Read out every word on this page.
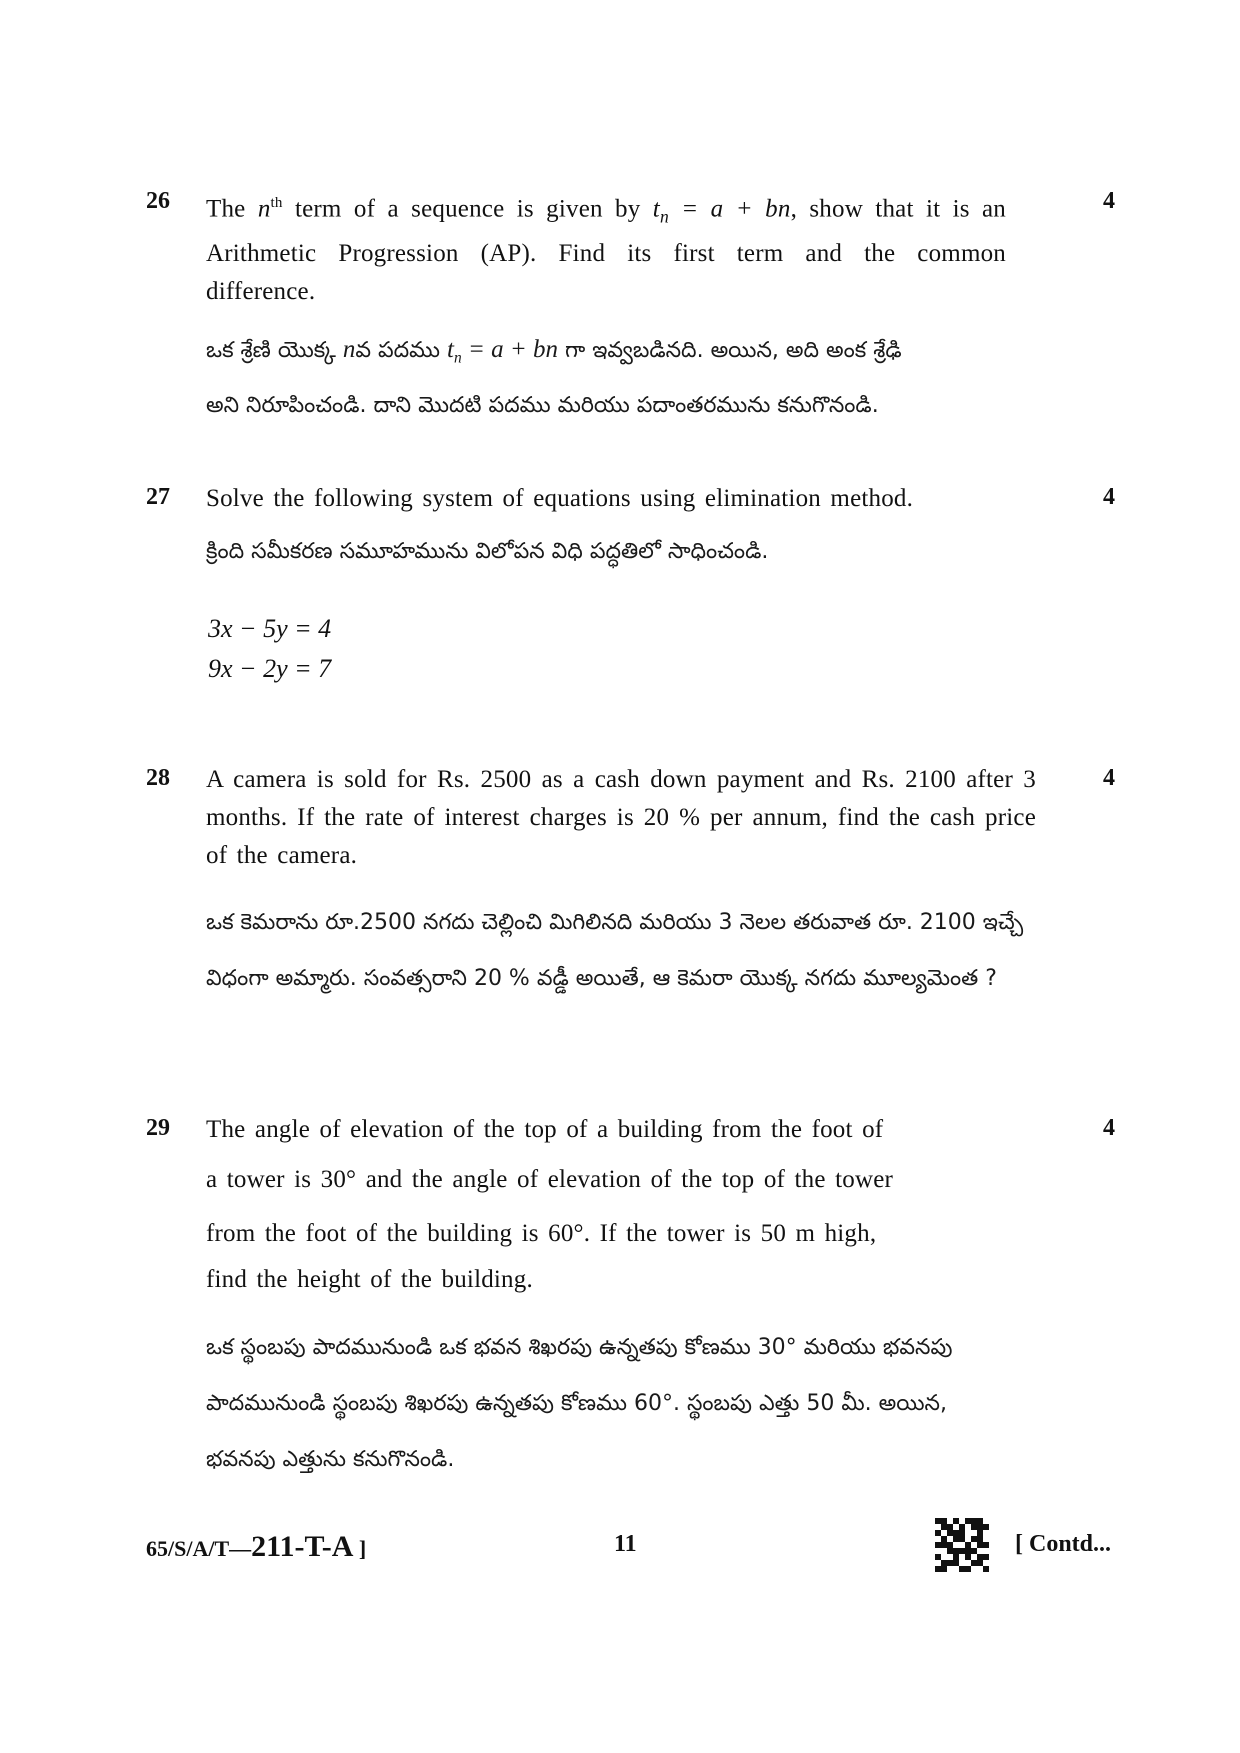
26	4
The $n^{th}$ term of a sequence is given by $t_n = a$ + bn, show that it is an Arithmetic Progression (AP). Find its first term and the common difference.
ఒక శ్రేణి యొక్క nవ పదము $t_n = a$ + bn గా ఇవ్వబడినది. అయిన, అది అంక శ్రేఢి
అని నిరూపించండి. దాని మొదటి పదము మరియు పదాంతరమును కనుగొనండి.
27	4
Solve the following system of equations using elimination method.
క్రింది సమీకరణ సమూహమును విలోపన విధి పద్ధతిలో సాధించండి.
3x − 5y = 4
9x − 2y = 7
28	4
A camera is sold for Rs. 2500 as a cash down payment and Rs. 2100 after 3 months. If the rate of interest charges is 20 % per annum, find the cash price of the camera.
ఒక కెమరాను రూ.2500 నగదు చెల్లించి మిగిలినది మరియు 3 నెలల తరువాత రూ. 2100 ఇచ్చే విధంగా అమ్మారు. సంవత్సరాని 20 % వడ్డీ అయితే, ఆ కెమరా యొక్క నగదు మూల్యమెంత ?
29	4
The angle of elevation of the top of a building from the foot of
a tower is 30° and the angle of elevation of the top of the tower
from the foot of the building is 60°. If the tower is 50 m high,
find the height of the building.
ఒక స్థంబపు పాదమునుండి ఒక భవన శిఖరపు ఉన్నతపు కోణము 30° మరియు భవనపు
పాదమునుండి స్థంబపు శిఖరపు ఉన్నతపు కోణము 60°. స్థంబపు ఎత్తు 50 మీ. అయిన,
భవనపు ఎత్తును కనుగొనండి.
65/S/A/T—211-T-A ]	11	[ Contd...
